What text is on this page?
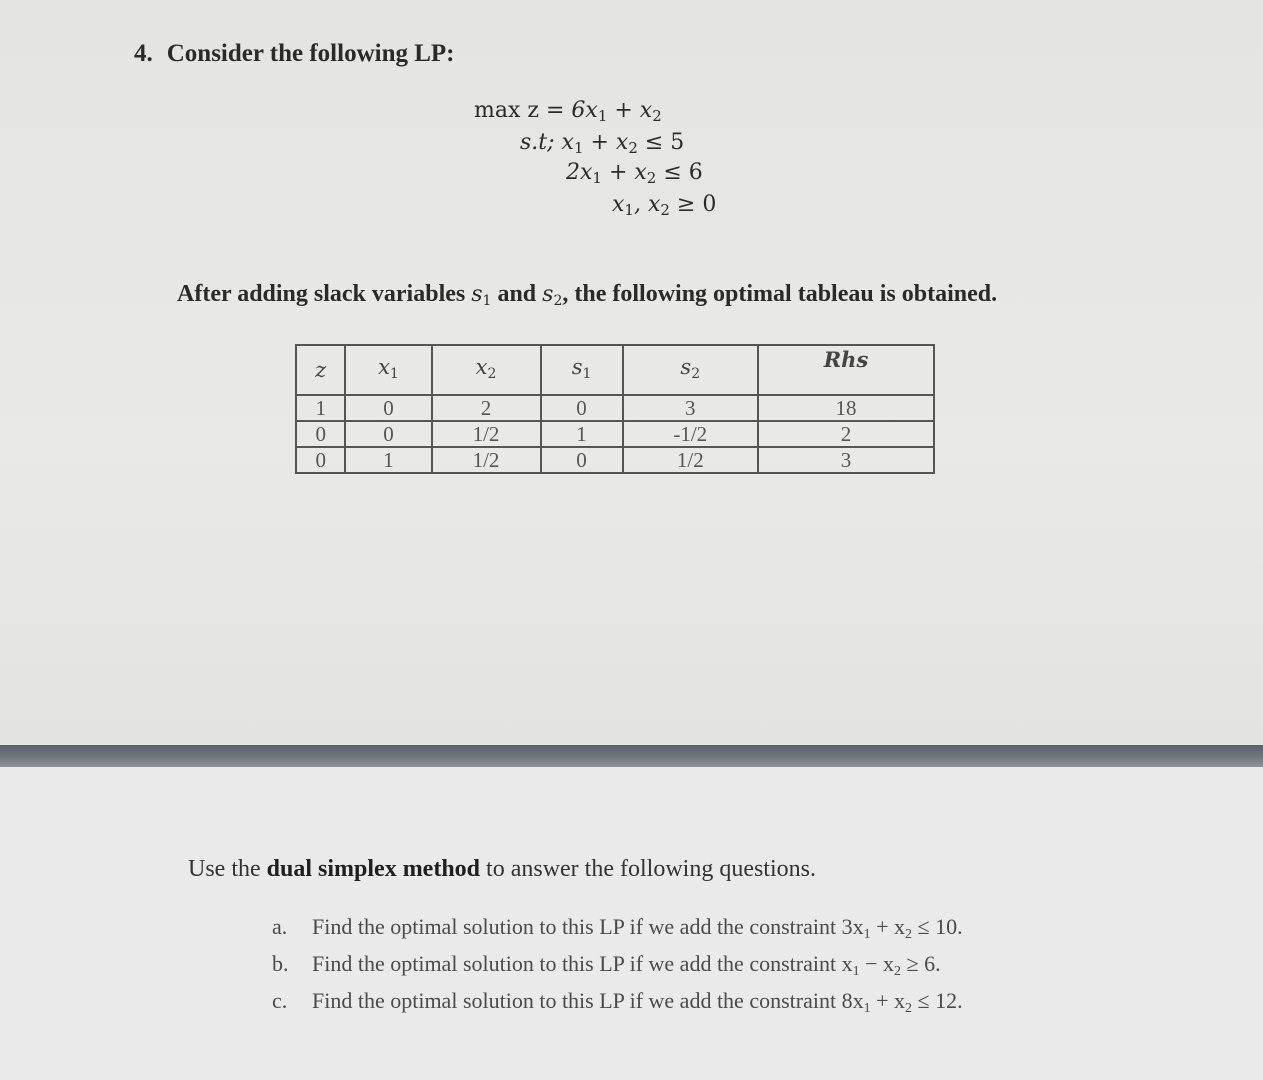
4. Consider the following LP:
$\max z = 6x_1 + x_2$
s.t; $x_1 + x_2 \le 5$
$2x_1 + x_2 \le 6$
$x_1$, $x_2 \ge 0$
After adding slack variables $s_1$ and $s_2$, the following optimal tableau is obtained.
z	$x_1$	$x_2$	$s_1$	$s_2$	Rhs
1	0	2	0	3	18
0	0	1/2	1	-1/2	2
0	1	1/2	0	1/2	3
Use the dual simplex method to answer the following questions.
a. Find the optimal solution to this LP if we add the constraint $3x_1 + x_2 \le 10$.
b. Find the optimal solution to this LP if we add the constraint $x_1 - x_2 \ge 6$.
c. Find the optimal solution to this LP if we add the constraint $8x_1 + x_2 \le 12$.
